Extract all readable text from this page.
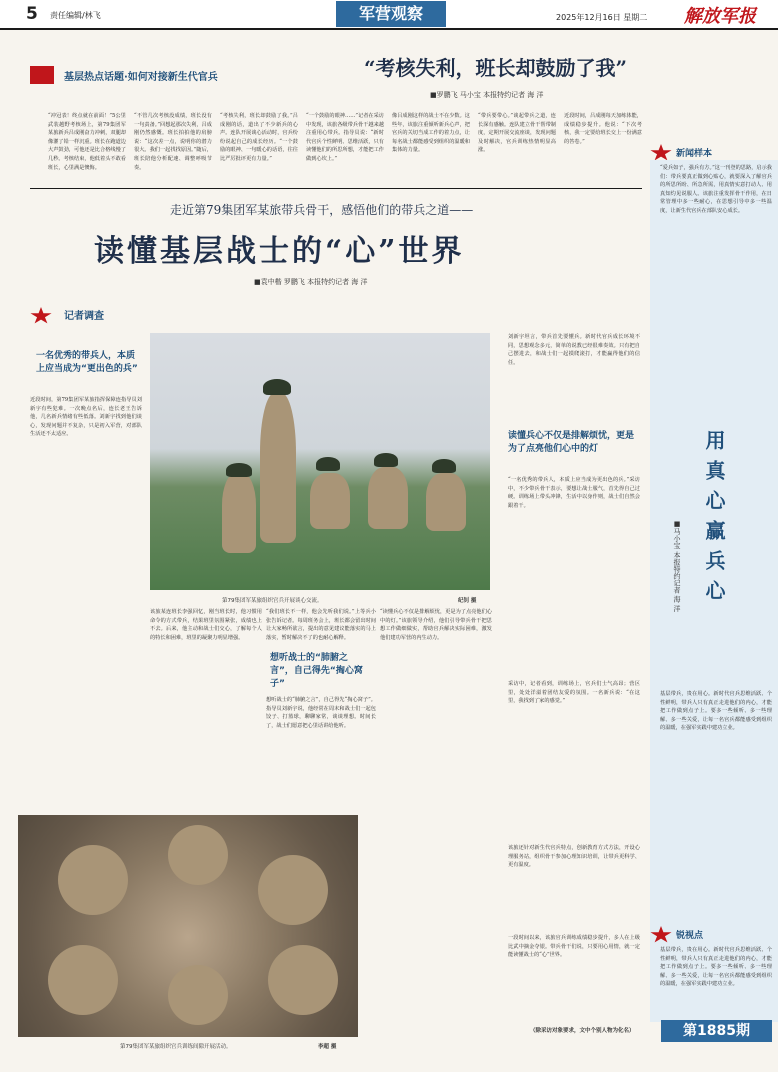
5 责任编辑/林飞	军营观察	2025年12月16日 星期二 解放军报
基层热点话题·如何对接新生代官兵	“考核失利，班长却鼓励了我”
■罗鹏飞 马小宝 本报特约记者 海 洋
“冲冠表！终点就在前面！”5公里武装越野考核场上，第79集团军某旅新兵吕成刚奋力冲刺，双腿却像灌了铅一样沉重。班长在跑道边大声鼓劲，可他还是比合格线慢了几秒。考核结束，他低着头不敢看班长，心里满是懊悔。
“不管几次考核没成绩，班长没有一句责备。”回想起那次失利，吕成刚仍然感慨。班长拍拍他的肩膀说：“这次差一点，说明你的潜力很大。我们一起找找原因。”随后，班长陪他分析配速、调整呼吸节奏。
“考核失利，班长却鼓励了我。”吕成刚的话，道出了不少新兵的心声。连队开展谈心活动时，官兵纷纷说起自己的成长经历。“一个鼓励的眼神、一句暖心的话语，往往比严厉批评更有力量。”
“一个鼓励的眼神……”记者在采访中发现，该旅各级带兵骨干越来越注重用心带兵。指导员说：“新时代官兵个性鲜明、思维活跃，只有读懂他们的所思所想，才能把工作做到心坎上。”
像吕成刚这样的战士不在少数。这些年，该旅注重倾听新兵心声，把官兵的关切当成工作的着力点，让每名战士都能感受到组织的温暖和集体的力量。
“带兵要带心。”谈起带兵之道，连长深有感触。连队建立骨干帮带制度，定期开展交流座谈，发现问题及时解决，官兵训练热情明显高涨。
近段时间，吕成刚每天加练体能，成绩稳步提升。他说：“下次考核，我一定要给班长交上一份满意的答卷。”
走近第79集团军某旅带兵骨干，感悟他们的带兵之道——
读懂基层战士的“心”世界
■袁中楷 罗鹏飞 本报特约记者 海 洋
记者调查
一名优秀的带兵人，本质上应当成为“更出色的兵”
近段时间，第79集团军某旅指挥保障连指导员刘新宇有些犯难。一次晚点名后，连长老王告诉他，几名新兵情绪有些低落。刘新宇找到他们谈心，发现问题并不复杂，只是初入军营，对部队生活还不太适应。
第79集团军某旅组织官兵开展谈心交流。	纪钊 摄
该旅某连班长李强回忆，刚当班长时，他习惯用命令的方式带兵，结果班里氛围紧张，成绩也上不去。后来，他主动和战士们交心，了解每个人的特长和困难，班里的凝聚力明显增强。
“我们班长不一样，他会先听我们说。”上等兵小张告诉记者。每周班务会上，班长都会留出时间让大家畅所欲言，提出的意见建议能落实的马上落实，暂时解决不了的也耐心解释。
想听战士的“肺腑之言”，自己得先“掏心窝子”
想听战士的“肺腑之言”，自己得先“掏心窝子”。指导员刘新宇说，他经常在周末和战士们一起包饺子、打篮球，聊聊家常，谈谈理想。时间长了，战士们愿意把心里话讲给他听。
“读懂兵心不仅是排解烦忧，更是为了点亮他们心中的灯。”该旅领导介绍，他们引导带兵骨干把思想工作做细做实，帮助官兵解决实际困难，激发他们建功军营的内生动力。
刘新宇坦言，带兵首先要懂兵。新时代官兵成长环境不同，思想观念多元，简单的说教已经很难奏效。只有把自己摆进去，和战士们一起摸爬滚打，才能赢得他们的信任。
读懂兵心不仅是排解烦忧，更是为了点亮他们心中的灯
“一名优秀的带兵人，本质上应当成为更出色的兵。”采访中，不少带兵骨干表示，要想让战士服气，首先得自己过硬。训练场上带头冲锋，生活中以身作则，战士们自然会跟着干。
采访中，记者看到，训练场上，官兵们士气高昂；营区里，处处洋溢着团结友爱的氛围。一名新兵说：“在这里，我找到了家的感觉。”
该旅还针对新生代官兵特点，创新教育方式方法，开设心理服务站，组织骨干参加心理知识培训，让带兵更科学、更有温度。
一段时间以来，该旅官兵训练成绩稳步提升，多人在上级比武中摘金夺银。带兵骨干们说，只要用心用情，就一定能读懂战士的“心”世界。
（除采访对象要求，文中个别人物为化名）
第79集团军某旅组织官兵训练间隙开展活动。	李超 摄
新闻样本
“爱兵如子，强兵有方。”这一刊登的思路，启示我们：带兵要真正做到心贴心，就要深入了解官兵的所思所盼、所急所需，用真情实意打动人、用真知灼见说服人。该旅注重发挥骨干作用，在日常管理中多一些耐心，在思想引导中多一些温度，让新生代官兵在部队安心成长。
用真心赢兵心
■马小宝 本报特约记者 海 洋
基层带兵，贵在用心。新时代官兵思维活跃、个性鲜明，带兵人只有真正走进他们的内心，才能把工作做到点子上。要多一些倾听、多一些理解、多一些关爱，让每一名官兵都能感受到组织的温暖，在强军实践中建功立业。
锐视点
基层带兵，贵在用心。新时代官兵思维活跃、个性鲜明，带兵人只有真正走进他们的内心，才能把工作做到点子上。要多一些倾听、多一些理解、多一些关爱，让每一名官兵都能感受到组织的温暖，在强军实践中建功立业。
第1885期
